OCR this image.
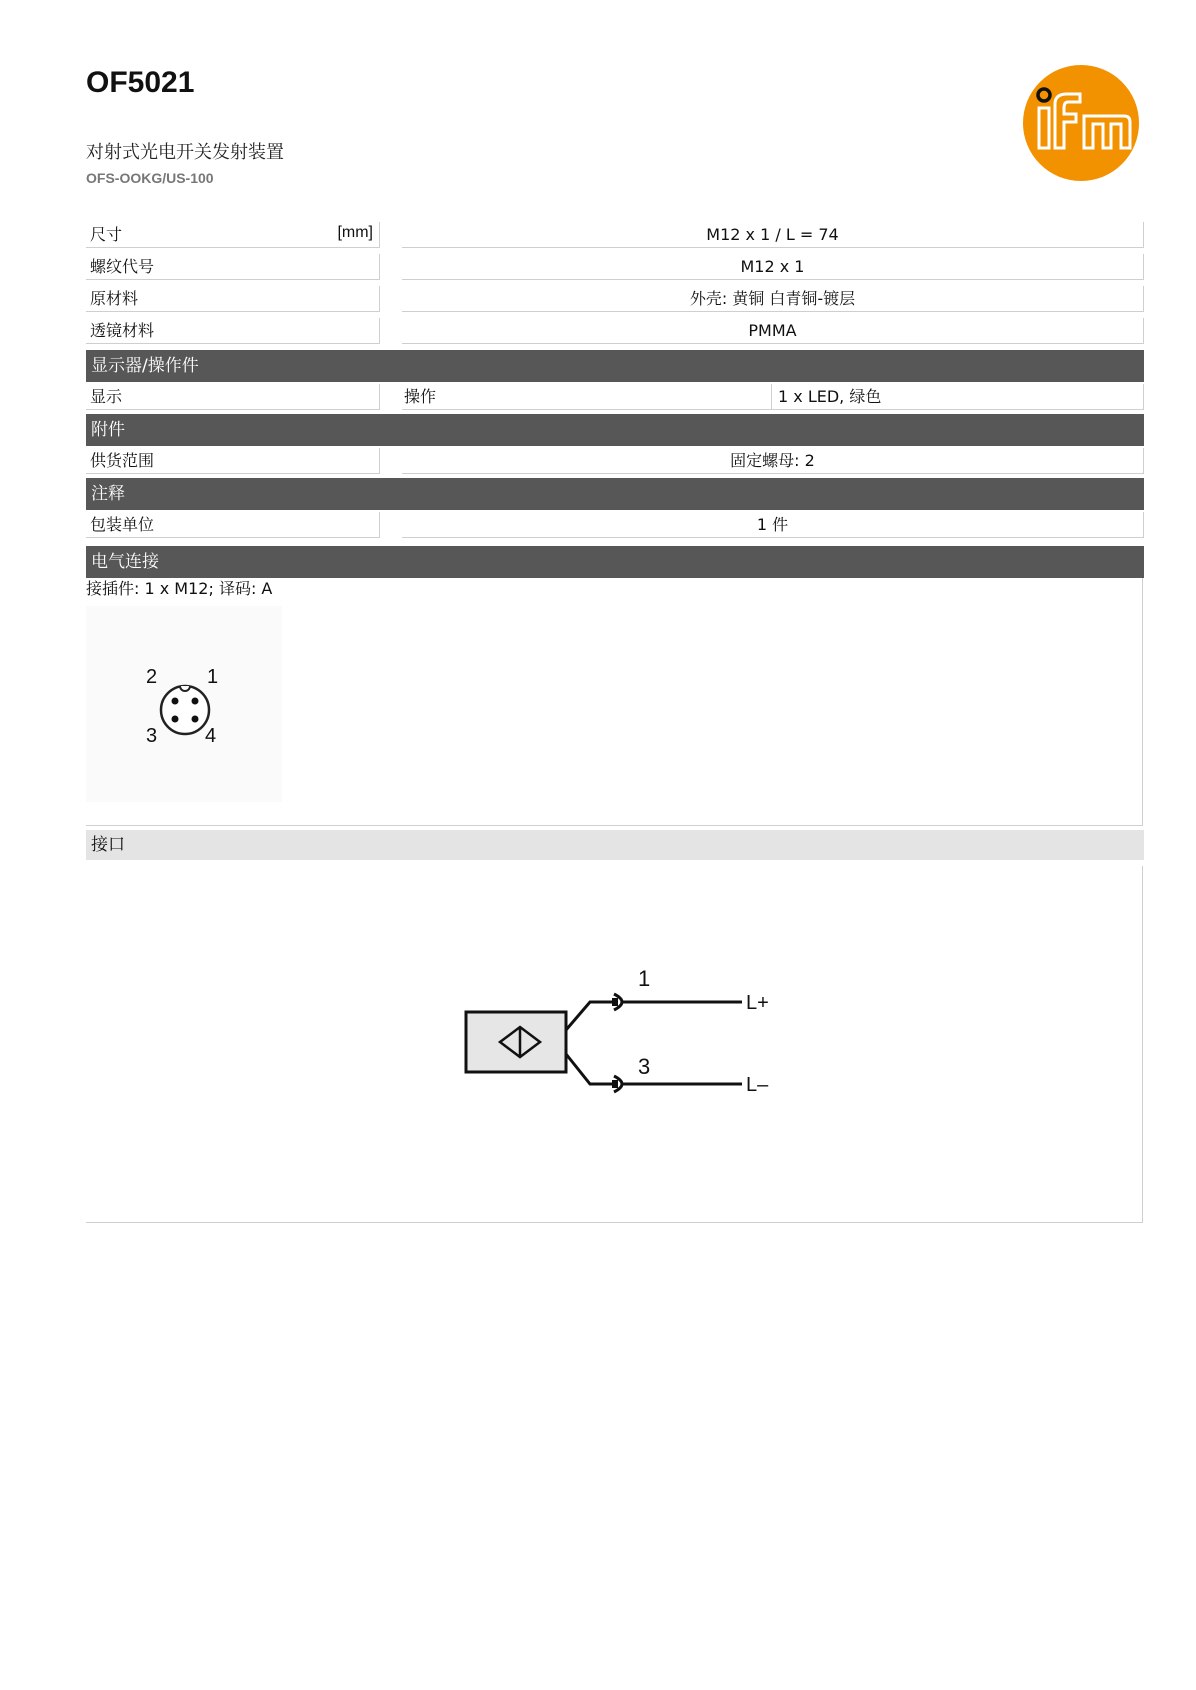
OF5021
对射式光电开关发射装置
OFS-OOKG/US-100
尺寸	[mm]	M12 x 1 / L = 74
螺纹代号	M12 x 1
原材料	外壳: 黄铜 白青铜-镀层
透镜材料	PMMA
显示器/操作件
显示	操作	1 x LED, 绿色
附件
供货范围	固定螺母: 2
注释
包装单位	1 件
电气连接
接插件: 1 x M12; 译码: A
2 1
3 4
接口
1
L+
3
L–
